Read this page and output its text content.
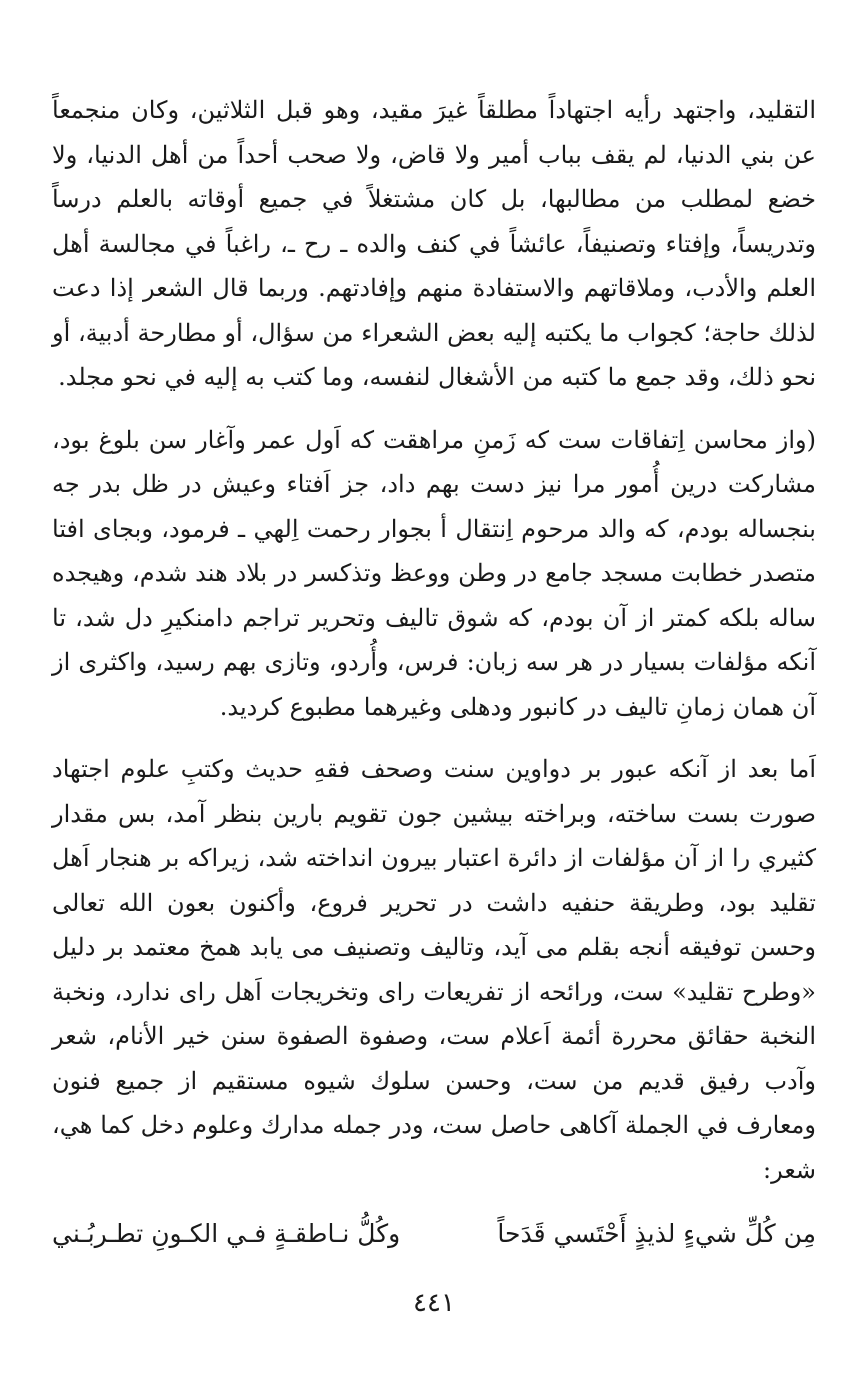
التقليد، واجتهد رأيه اجتهاداً مطلقاً غيرَ مقيد، وهو قبل الثلاثين، وكان منجمعاً عن بني الدنيا، لم يقف بباب أمير ولا قاض، ولا صحب أحداً من أهل الدنيا، ولا خضع لمطلب من مطالبها، بل كان مشتغلاً في جميع أوقاته بالعلم درساً وتدريساً، وإفتاء وتصنيفاً، عائشاً في كنف والده ـ رح ـ، راغباً في مجالسة أهل العلم والأدب، وملاقاتهم والاستفادة منهم وإفادتهم. وربما قال الشعر إذا دعت لذلك حاجة؛ كجواب ما يكتبه إليه بعض الشعراء من سؤال، أو مطارحة أدبية، أو نحو ذلك، وقد جمع ما كتبه من الأشغال لنفسه، وما كتب به إليه في نحو مجلد.

(واز محاسن اِتفاقات ست كه زَمنِ مراهقت كه اَول عمر وآغار سن بلوغ بود، مشاركت درين أُمور مرا نيز دست بهم داد، جز اَفتاء وعيش در ظل بدر جه بنجساله بودم، كه والد مرحوم اِنتقال أ بجوار رحمت اِلهي ـ فرمود، وبجاى افتا متصدر خطابت مسجد جامع در وطن ووعظ وتذكسر در بلاد هند شدم، وهيجده ساله بلكه كمتر از آن بودم، كه شوق تاليف وتحرير تراجم دامنكيرِ دل شد، تا آنكه مؤلفات بسيار در هر سه زبان: فرس، وأُردو، وتازى بهم رسيد، واكثرى از آن همان زمانِ تاليف در كانبور ودهلى وغيرهما مطبوع كرديد.

اَما بعد از آنكه عبور بر دواوين سنت وصحف فقهِ حديث وكتبِ علوم اجتهاد صورت بست ساخته، وبراخته بيشين جون تقويم بارين بنظر آمد، بس مقدار كثيري را از آن مؤلفات از دائرة اعتبار بيرون انداخته شد، زيراكه بر هنجار اَهل تقليد بود، وطريقة حنفيه داشت در تحرير فروع، وأكنون بعون الله تعالى وحسن توفيقه أنجه بقلم مى آيد، وتاليف وتصنيف مى يابد همخ معتمد بر دليل «وطرح تقليد» ست، ورائحه از تفريعات راى وتخريجات اَهل راى ندارد، ونخبة النخبة حقائق محررة أئمة اَعلام ست، وصفوة الصفوة سنن خير الأنام، شعر وآدب رفيق قديم من ست، وحسن سلوك شيوه مستقيم از جميع فنون ومعارف في الجملة آكاهى حاصل ست، ودر جمله مدارك وعلوم دخل كما هي، شعر:

مِن كُلِّ شيءٍ لذيذٍ أَحْتَسي قَدَحاً
وكُلُّ نـاطقـةٍ فـي الكـونِ تطـربُـني
٤٤١
